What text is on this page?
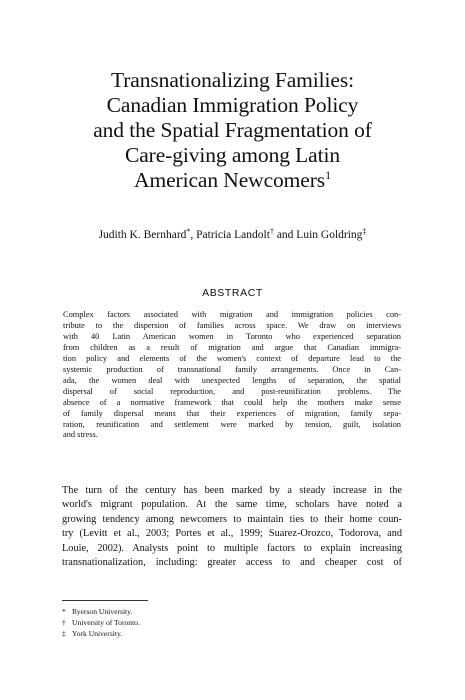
Transnationalizing Families:
Canadian Immigration Policy
and the Spatial Fragmentation of
Care-giving among Latin
American Newcomers$^1$
Judith K. Bernhard*, Patricia Landolt† and Luin Goldring‡
ABSTRACT
Complex factors associated with migration and immigration policies con-
tribute to the dispersion of families across space. We draw on interviews
with 40 Latin American women in Toronto who experienced separation
from children as a result of migration and argue that Canadian immigra-
tion policy and elements of the women's context of departure lead to the
systemic production of transnational family arrangements. Once in Can-
ada, the women deal with unexpected lengths of separation, the spatial
dispersal of social reproduction, and post-reunification problems. The
absence of a normative framework that could help the mothers make sense
of family dispersal means that their experiences of migration, family sepa-
ration, reunification and settlement were marked by tension, guilt, isolation
and stress.
The turn of the century has been marked by a steady increase in the
world's migrant population. At the same time, scholars have noted a
growing tendency among newcomers to maintain ties to their home coun-
try (Levitt et al., 2003; Portes et al., 1999; Suarez-Orozco, Todorova, and
Louie, 2002). Analysts point to multiple factors to explain increasing
transnationalization, including: greater access to and cheaper cost of
* Ryerson University.
† University of Toronto.
‡ York University.
